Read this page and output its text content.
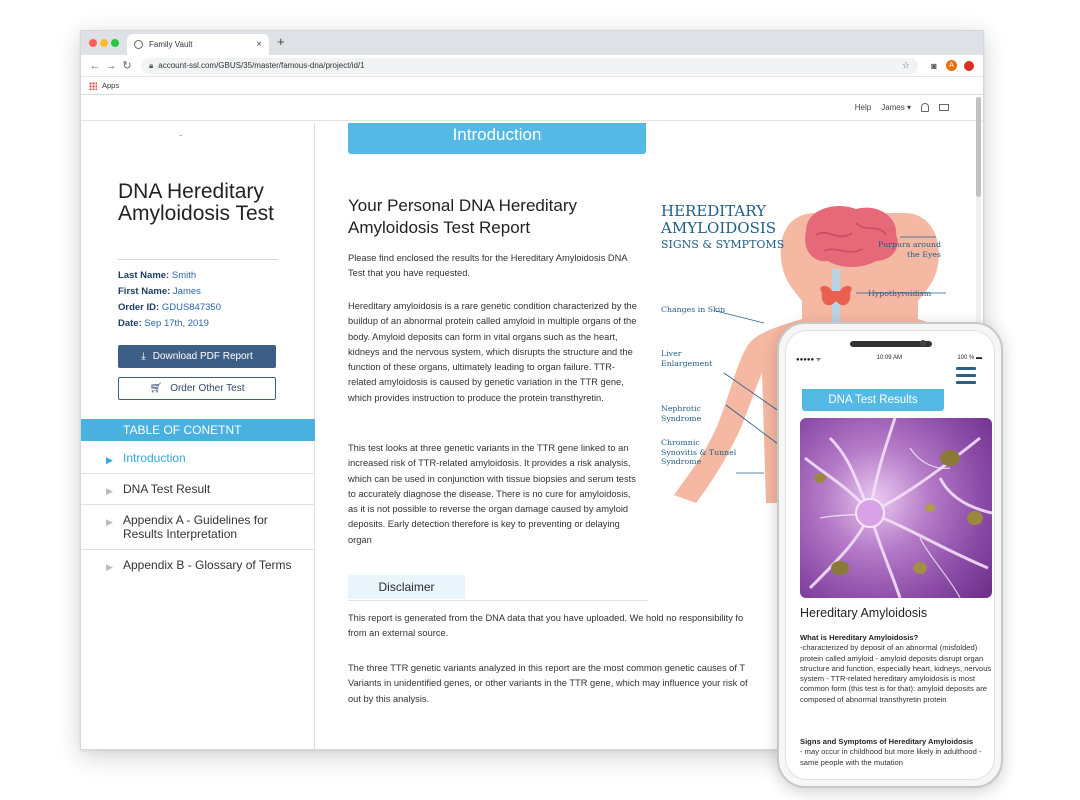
Family Vault	× +
← → ↻	🔒︎ account-ssl.com/GBUS/35/master/famous-dna/project/id/1	☆	◙	A
Apps
Help James ▾
DNA Hereditary Amyloidosis Test
Last Name: Smith
First Name: James
Order ID: GDUS847350
Date: Sep 17th, 2019
⤓ Download PDF Report
🛒︎ Order Other Test
TABLE OF CONETNT
▶ Introduction
▶ DNA Test Result
▶ Appendix A - Guidelines for Results Interpretation
▶ Appendix B - Glossary of Terms
Introduction
Your Personal DNA Hereditary Amyloidosis Test Report
Please find enclosed the results for the Hereditary Amyloidosis DNA Test that you have requested.
Hereditary amyloidosis is a rare genetic condition characterized by the buildup of an abnormal protein called amyloid in multiple organs of the body. Amyloid deposits can form in vital organs such as the heart, kidneys and the nervous system, which disrupts the structure and the function of these organs, ultimately leading to organ failure. TTR-related amyloidosis is caused by genetic variation in the TTR gene, which provides instruction to produce the protein transthyretin.
This test looks at three genetic variants in the TTR gene linked to an increased risk of TTR-related amyloidosis. It provides a risk analysis, which can be used in conjunction with tissue biopsies and serum tests to accurately diagnose the disease. There is no cure for amyloidosis, as it is not possible to reverse the organ damage caused by amyloid deposits. Early detection therefore is key to preventing or delaying organ
Disclaimer
This report is generated from the DNA data that you have uploaded. We hold no responsibility fo
from an external source.
The three TTR genetic variants analyzed in this report are the most common genetic causes of T
Variants in unidentified genes, or other variants in the TTR gene, which may influence your risk of
out by this analysis.
HEREDITARY
AMYLOIDOSIS
SIGNS & SYMPTOMS	Purpura around
the Eyes
Hypothyroidism
Changes in Skin
Liver
Enlargement
Nephrotic
Syndrome
Chromnic
Synovitis & Tunnel
Syndrome
●●●●● ᯤ	10:09 AM	100 % ▬
DNA Test Results
Hereditary Amyloidosis
What is Hereditary Amyloidosis?
-characterized by deposit of an abnormal (misfolded) protein called amyloid - amyloid deposits disrupt organ structure and function, especially heart, kidneys, nervous system - TTR-related hereditary amyloidosis is most common form (this test is for that): amyloid deposits are composed of abnormal transthyretin protein
Signs and Symptoms of Hereditary Amyloidosis
- may occur in childhood but more likely in adulthood - same people with the mutation
